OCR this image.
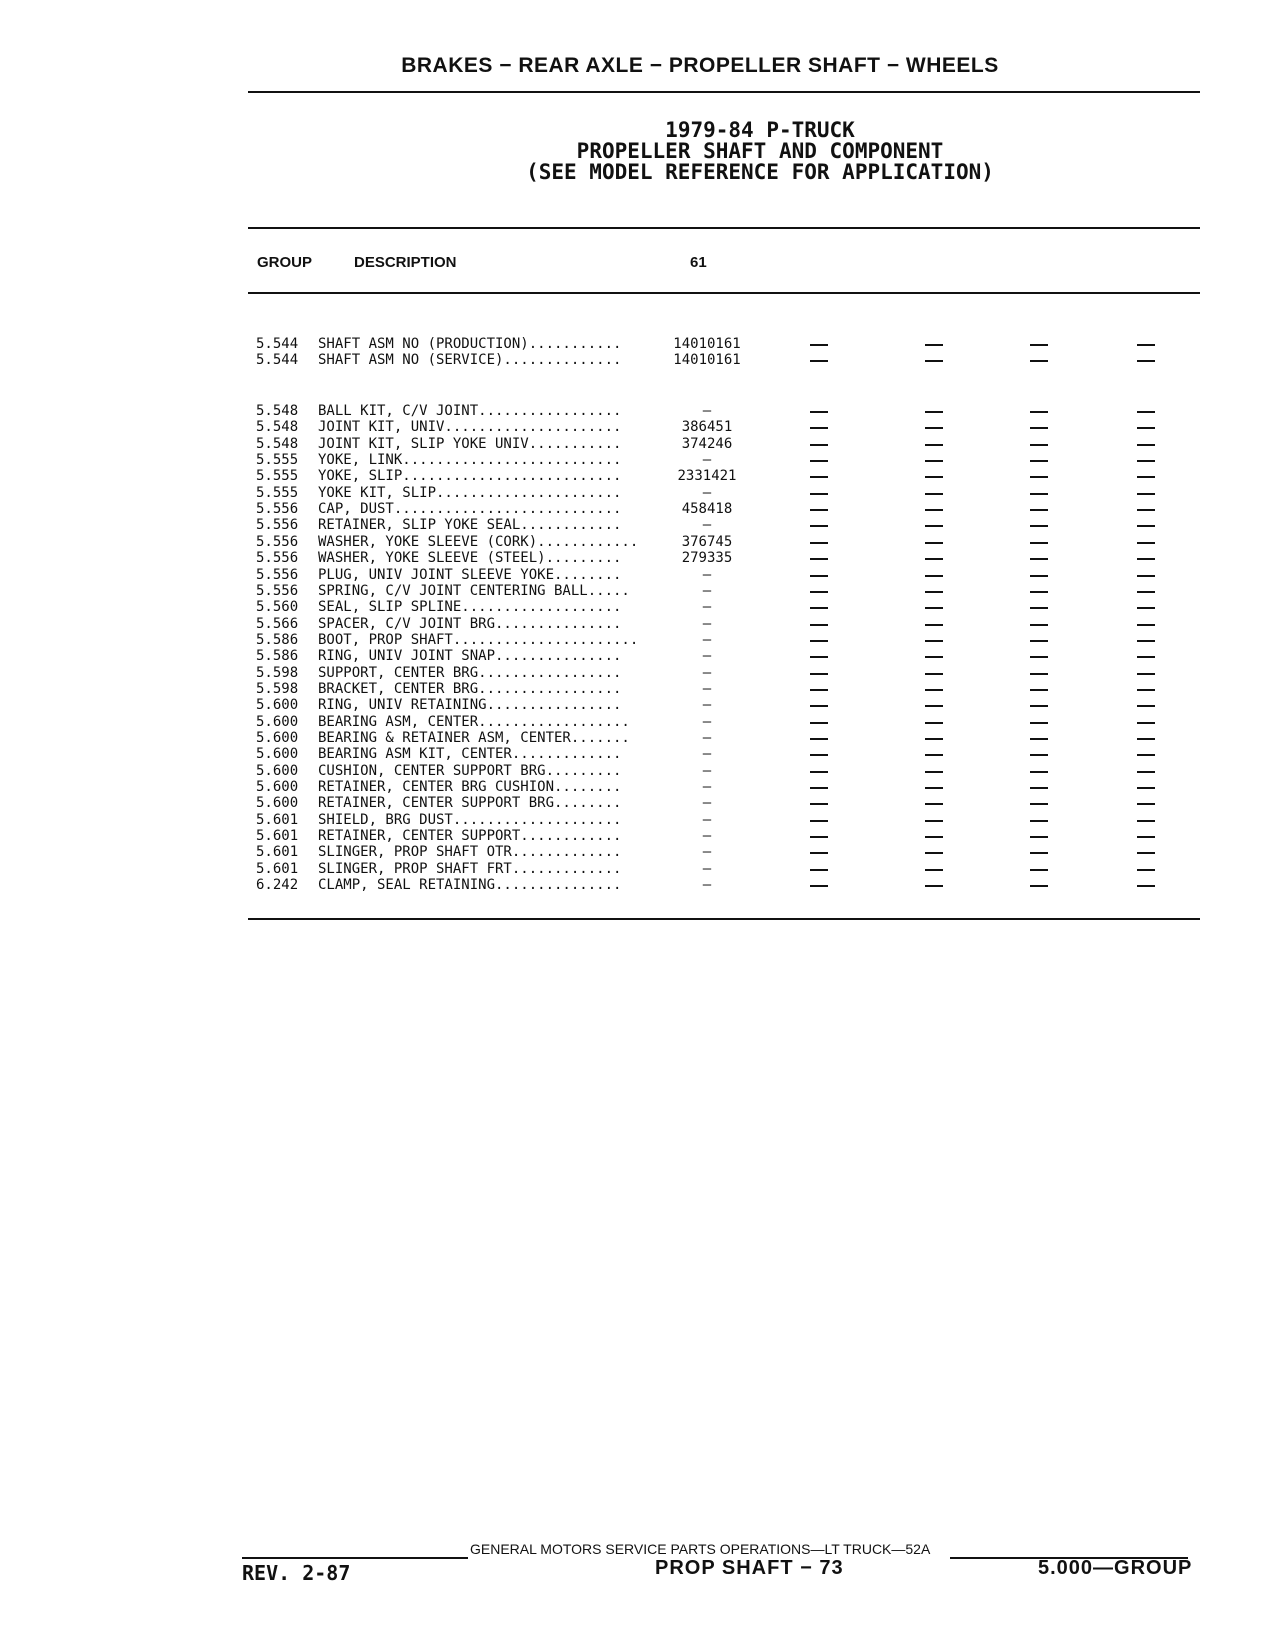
BRAKES − REAR AXLE − PROPELLER SHAFT − WHEELS
1979-84 P-TRUCK
PROPELLER SHAFT AND COMPONENT
(SEE MODEL REFERENCE FOR APPLICATION)
GROUP	DESCRIPTION	61
5.544 SHAFT ASM NO (PRODUCTION)...........	14010161
5.544 SHAFT ASM NO (SERVICE)..............	14010161
5.548 BALL KIT, C/V JOINT.................	—
5.548 JOINT KIT, UNIV.....................	386451
5.548 JOINT KIT, SLIP YOKE UNIV...........	374246
5.555 YOKE, LINK..........................	—
5.555 YOKE, SLIP..........................	2331421
5.555 YOKE KIT, SLIP......................	—
5.556 CAP, DUST...........................	458418
5.556 RETAINER, SLIP YOKE SEAL............	—
5.556 WASHER, YOKE SLEEVE (CORK)............	376745
5.556 WASHER, YOKE SLEEVE (STEEL).........	279335
5.556 PLUG, UNIV JOINT SLEEVE YOKE........	—
5.556 SPRING, C/V JOINT CENTERING BALL.....	—
5.560 SEAL, SLIP SPLINE...................	—
5.566 SPACER, C/V JOINT BRG...............	—
5.586 BOOT, PROP SHAFT......................	—
5.586 RING, UNIV JOINT SNAP...............	—
5.598 SUPPORT, CENTER BRG.................	—
5.598 BRACKET, CENTER BRG.................	—
5.600 RING, UNIV RETAINING................	—
5.600 BEARING ASM, CENTER..................	—
5.600 BEARING & RETAINER ASM, CENTER.......	—
5.600 BEARING ASM KIT, CENTER.............	—
5.600 CUSHION, CENTER SUPPORT BRG.........	—
5.600 RETAINER, CENTER BRG CUSHION........	—
5.600 RETAINER, CENTER SUPPORT BRG........	—
5.601 SHIELD, BRG DUST....................	—
5.601 RETAINER, CENTER SUPPORT............	—
5.601 SLINGER, PROP SHAFT OTR.............	—
5.601 SLINGER, PROP SHAFT FRT.............	—
6.242 CLAMP, SEAL RETAINING...............	—
GENERAL MOTORS SERVICE PARTS OPERATIONS—LT TRUCK—52A
REV. 2-87	PROP SHAFT − 73	5.000—GROUP
